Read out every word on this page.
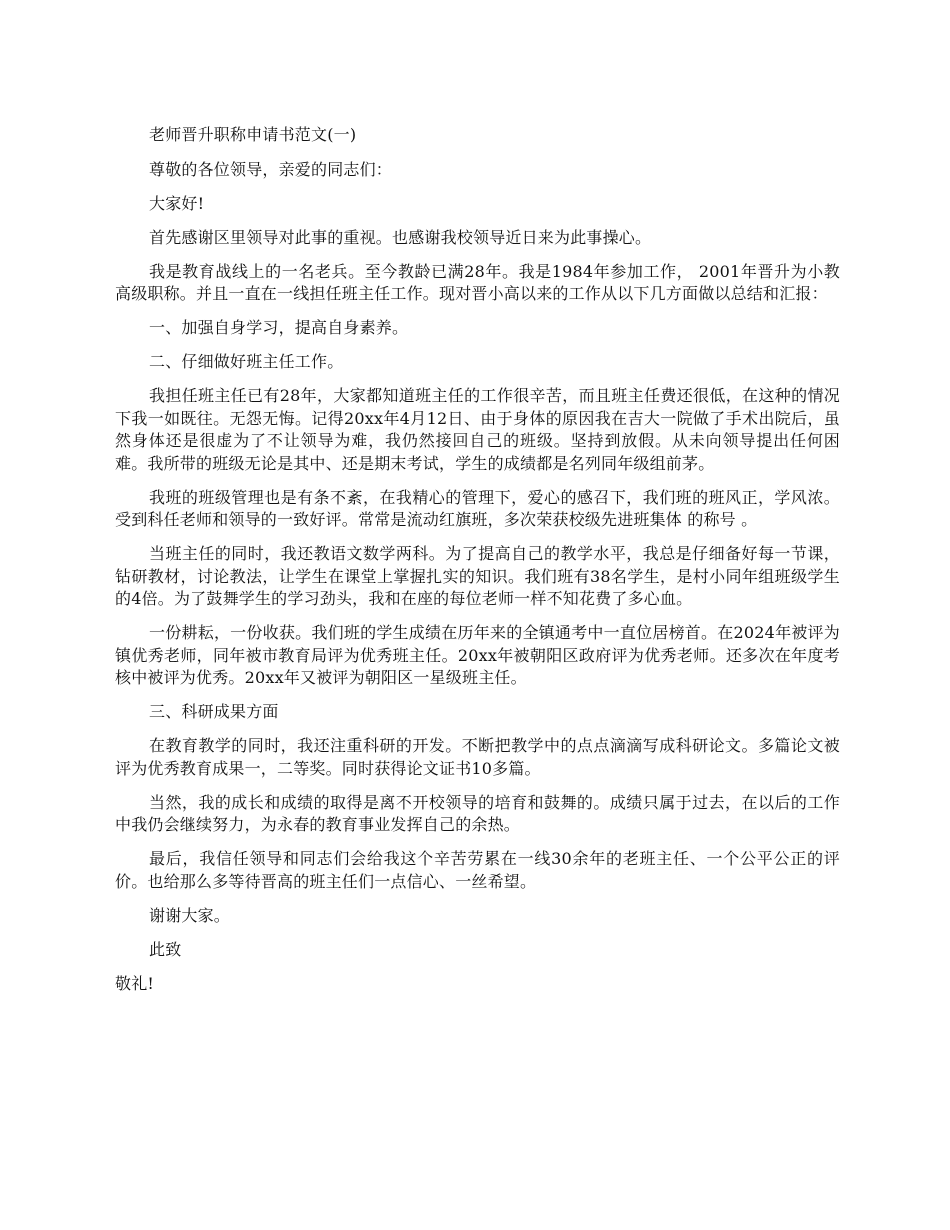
老师晋升职称申请书范文(一)

尊敬的各位领导，亲爱的同志们：

大家好!

首先感谢区里领导对此事的重视。也感谢我校领导近日来为此事操心。

我是教育战线上的一名老兵。至今教龄已满28年。我是1984年参加工作， 2001年晋升为小教高级职称。并且一直在一线担任班主任工作。现对晋小高以来的工作从以下几方面做以总结和汇报：

一、加强自身学习，提高自身素养。

二、仔细做好班主任工作。

我担任班主任已有28年，大家都知道班主任的工作很辛苦，而且班主任费还很低，在这种的情况下我一如既往。无怨无悔。记得20xx年4月12日、由于身体的原因我在吉大一院做了手术出院后，虽然身体还是很虚为了不让领导为难，我仍然接回自己的班级。坚持到放假。从未向领导提出任何困难。我所带的班级无论是其中、还是期末考试，学生的成绩都是名列同年级组前茅。

我班的班级管理也是有条不紊，在我精心的管理下，爱心的感召下，我们班的班风正，学风浓。受到科任老师和领导的一致好评。常常是流动红旗班，多次荣获校级先进班集体 的称号 。

当班主任的同时，我还教语文数学两科。为了提高自己的教学水平，我总是仔细备好每一节课，钻研教材，讨论教法，让学生在课堂上掌握扎实的知识。我们班有38名学生，是村小同年组班级学生的4倍。为了鼓舞学生的学习劲头，我和在座的每位老师一样不知花费了多心血。

一份耕耘，一份收获。我们班的学生成绩在历年来的全镇通考中一直位居榜首。在2024年被评为镇优秀老师，同年被市教育局评为优秀班主任。20xx年被朝阳区政府评为优秀老师。还多次在年度考核中被评为优秀。20xx年又被评为朝阳区一星级班主任。

三、科研成果方面

在教育教学的同时，我还注重科研的开发。不断把教学中的点点滴滴写成科研论文。多篇论文被评为优秀教育成果一，二等奖。同时获得论文证书10多篇。

当然，我的成长和成绩的取得是离不开校领导的培育和鼓舞的。成绩只属于过去，在以后的工作中我仍会继续努力，为永春的教育事业发挥自己的余热。

最后，我信任领导和同志们会给我这个辛苦劳累在一线30余年的老班主任、一个公平公正的评价。也给那么多等待晋高的班主任们一点信心、一丝希望。

谢谢大家。

此致

敬礼!
